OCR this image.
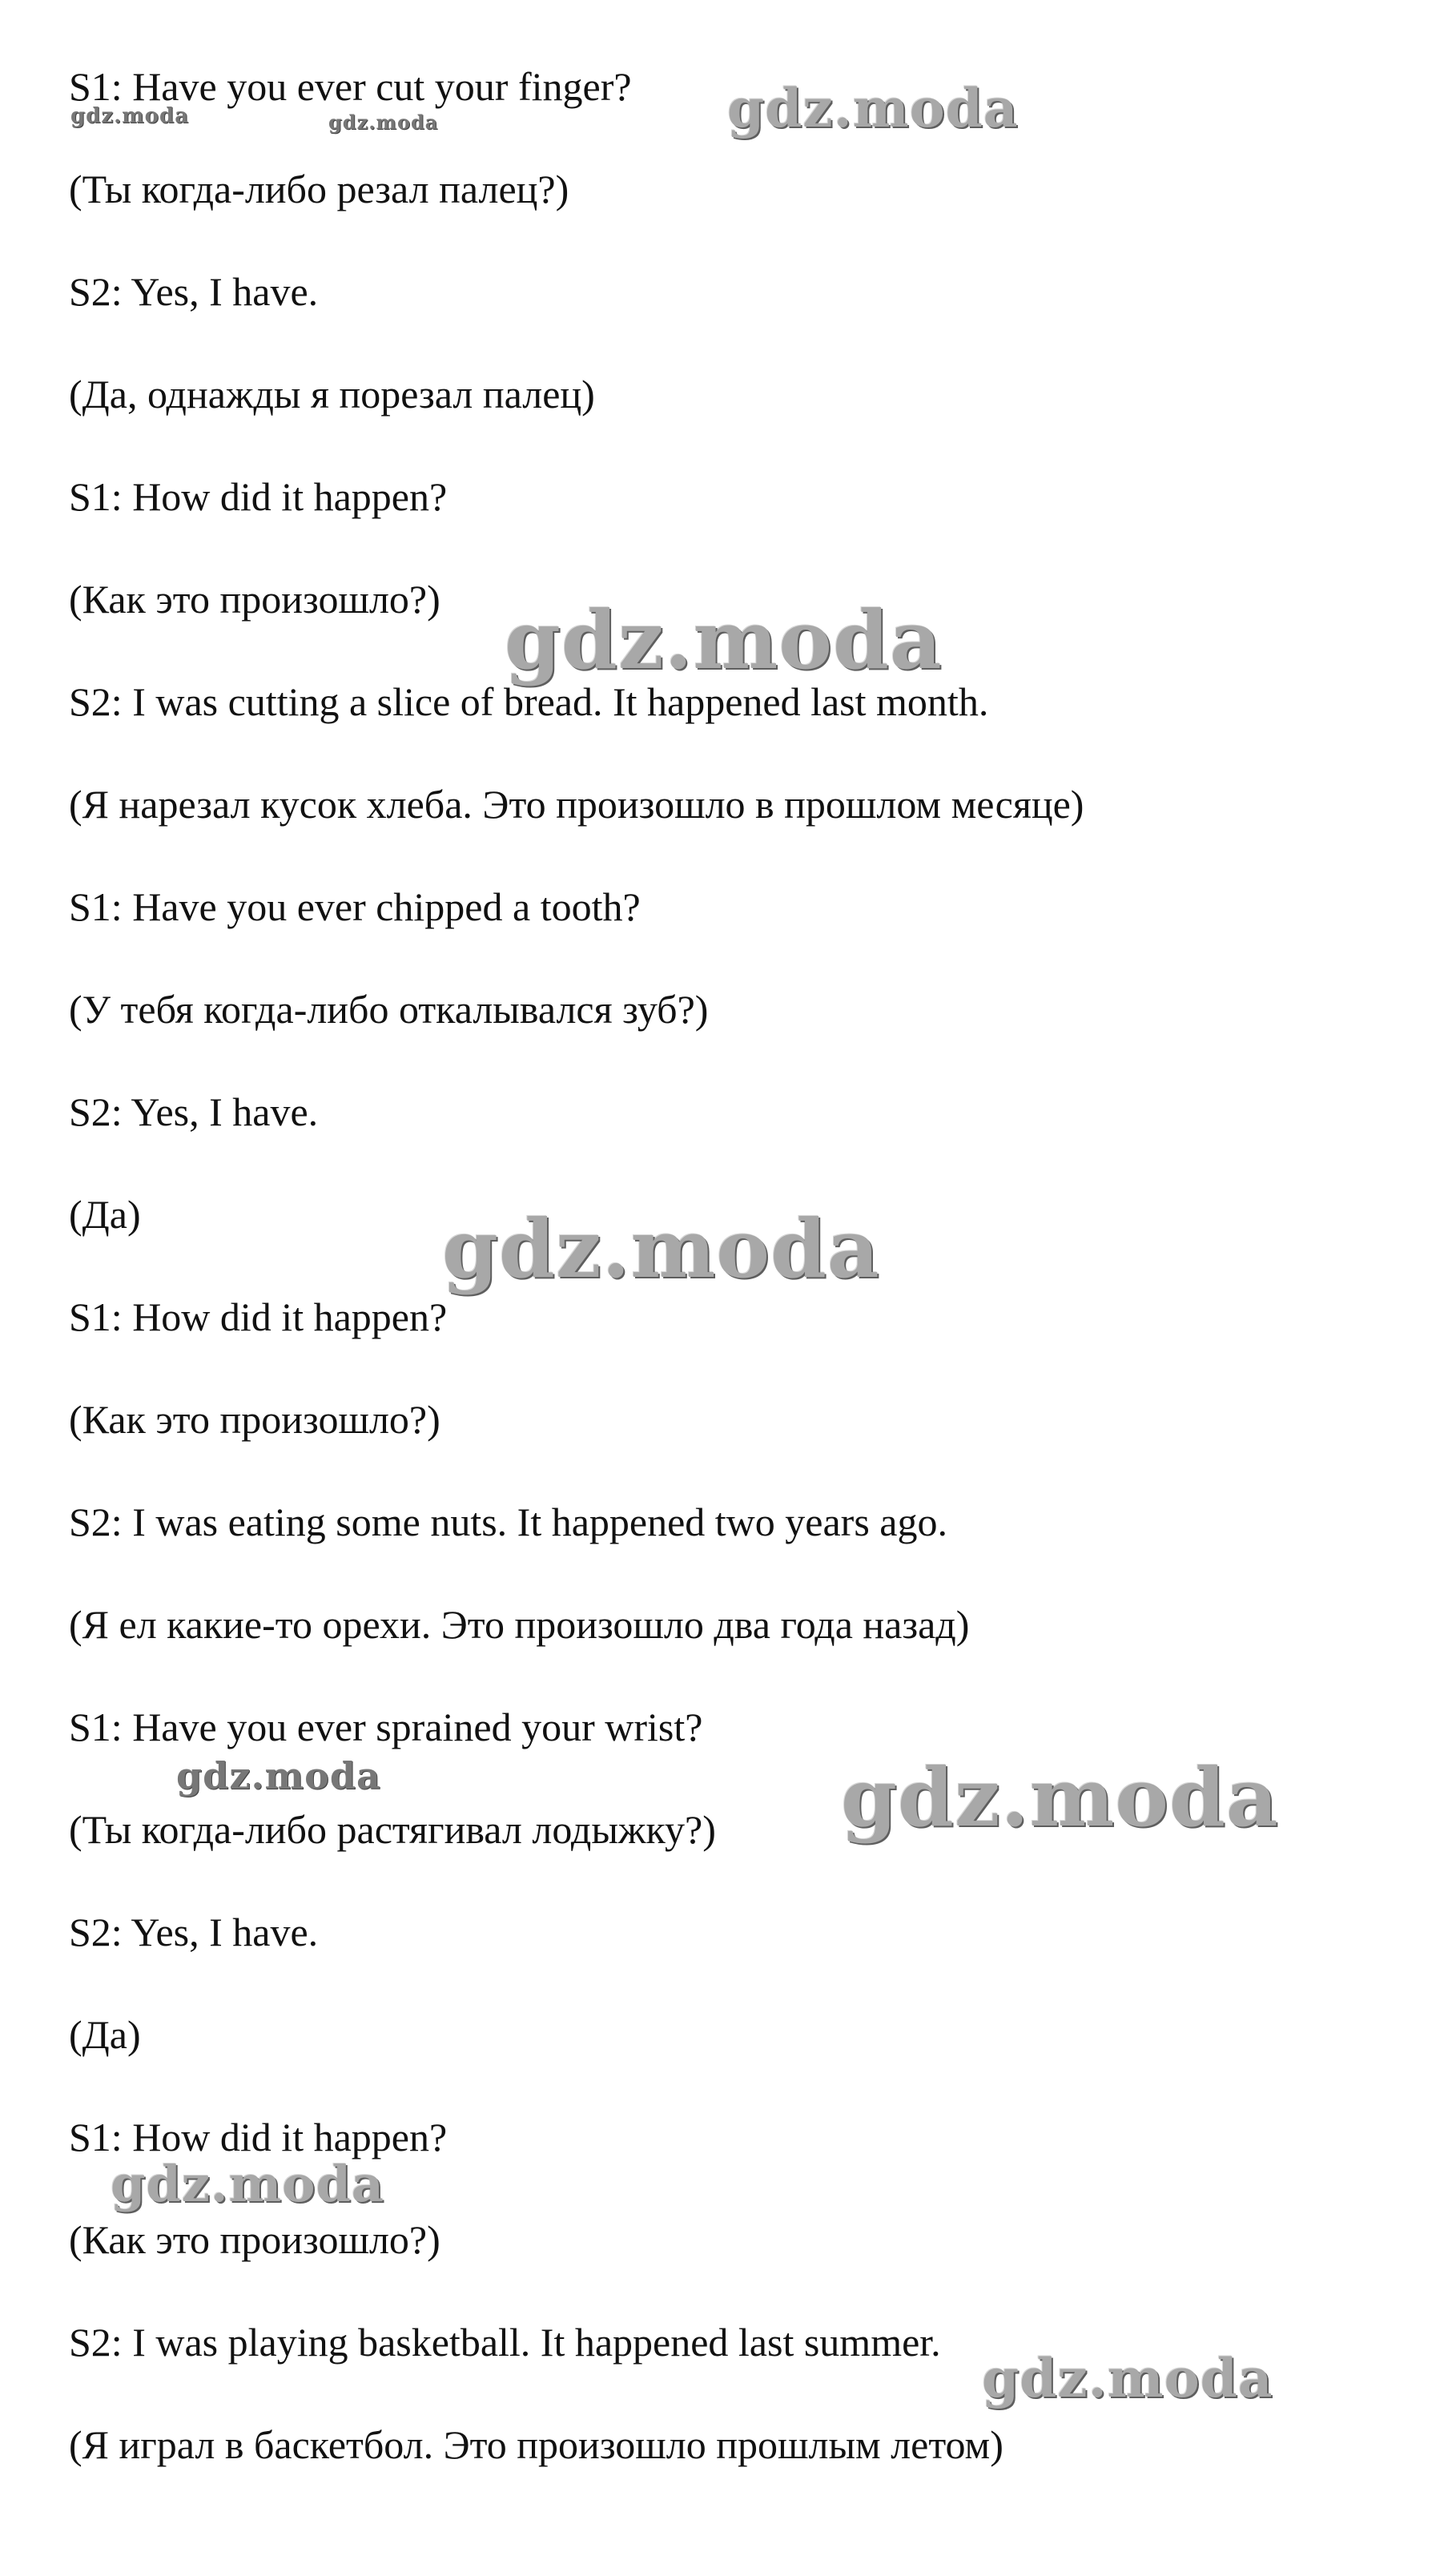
S1: Have you ever cut your finger?
(Ты когда-либо резал палец?)
S2: Yes, I have.
(Да, однажды я порезал палец)
S1: How did it happen?
(Как это произошло?)
S2: I was cutting a slice of bread. It happened last month.
(Я нарезал кусок хлеба. Это произошло в прошлом месяце)
S1: Have you ever chipped a tooth?
(У тебя когда-либо откалывался зуб?)
S2: Yes, I have.
(Да)
S1: How did it happen?
(Как это произошло?)
S2: I was eating some nuts. It happened two years ago.
(Я ел какие-то орехи. Это произошло два года назад)
S1: Have you ever sprained your wrist?
(Ты когда-либо растягивал лодыжку?)
S2: Yes, I have.
(Да)
S1: How did it happen?
(Как это произошло?)
S2: I was playing basketball. It happened last summer.
(Я играл в баскетбол. Это произошло прошлым летом)
gdz.moda	gdz.moda	gdz.moda
gdz.moda
gdz.moda
gdz.moda	gdz.moda
gdz.moda
gdz.moda
